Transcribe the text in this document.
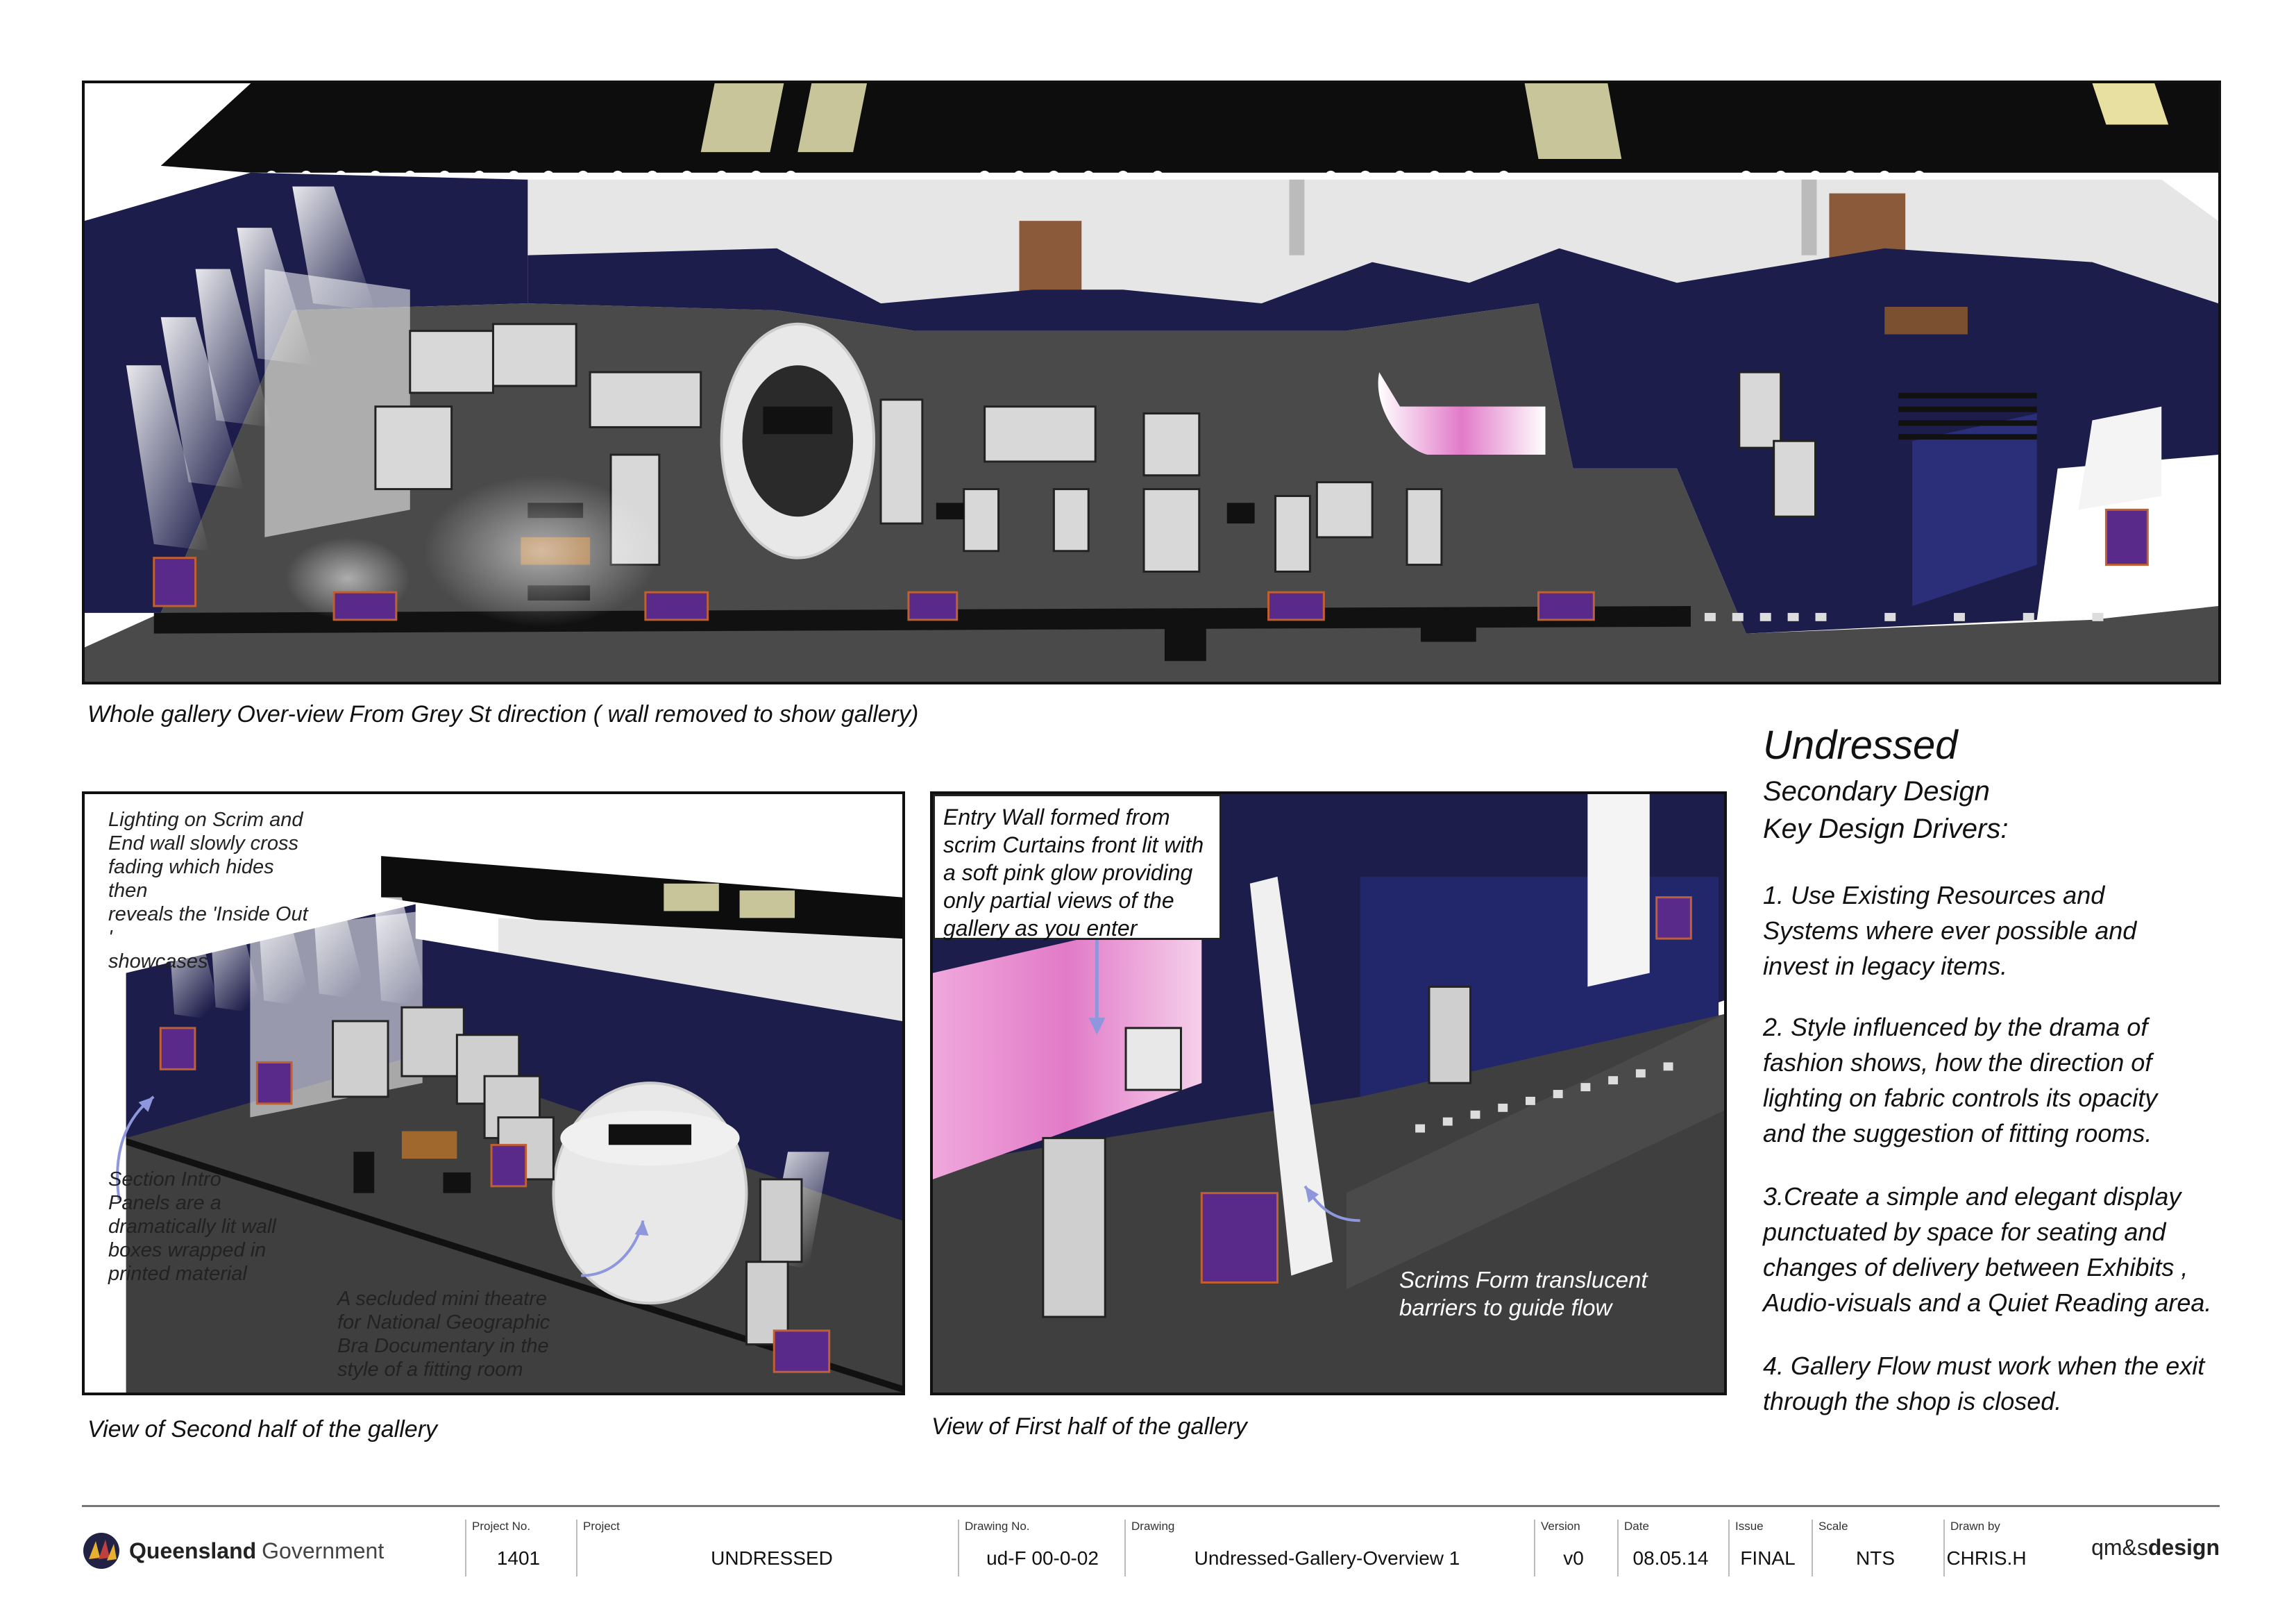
Whole gallery Over-view From Grey St direction ( wall removed to show gallery)
Lighting on Scrim and
End wall slowly cross
fading which hides then
reveals the 'Inside Out '
showcases
Section Intro
Panels are a
dramatically lit wall
boxes wrapped in
printed material
A secluded mini theatre
for National Geographic
Bra Documentary in the
style of a fitting room
View of Second half of the gallery
Entry Wall formed from
scrim Curtains front lit with
a soft pink glow providing
only partial views of the
gallery as you enter
Scrims Form translucent
barriers to guide flow
View of First half of the gallery
Undressed
Secondary Design
Key Design Drivers:
1. Use Existing Resources and
Systems where ever possible and
invest in legacy items.
2. Style influenced by the drama of
fashion shows, how the direction of
lighting on fabric controls its opacity
and the suggestion of fitting rooms.
3.Create a simple and elegant display
punctuated by space for seating and
changes of delivery between Exhibits ,
Audio-visuals and a Quiet Reading area.
4. Gallery Flow must work when the exit
through the shop is closed.
Queensland Government
Project No.
1401
Project
UNDRESSED
Drawing No.
ud-F 00-0-02
Drawing
Undressed-Gallery-Overview 1
Version
v0
Date
08.05.14
Issue
FINAL
Scale
NTS
Drawn by
CHRIS.H	qm&sdesign
